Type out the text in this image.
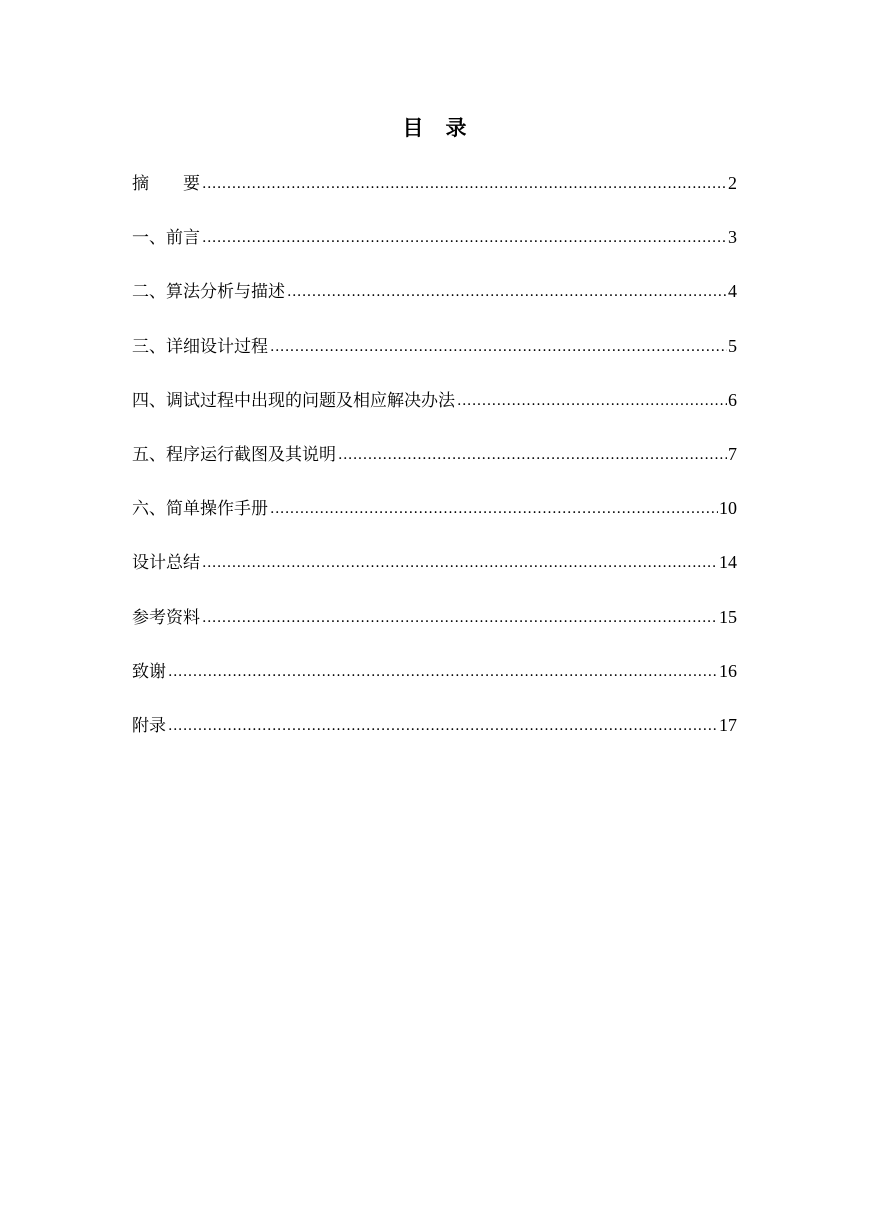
目 录
摘 要 .....	2
一、前言 .....	3
二、算法分析与描述 .....	4
三、详细设计过程 .....	5
四、调试过程中出现的问题及相应解决办法 .....	6
五、程序运行截图及其说明 .....	7
六、简单操作手册 .....	10
设计总结 .....	14
参考资料 .....	15
致谢 .....	16
附录 .....	17
